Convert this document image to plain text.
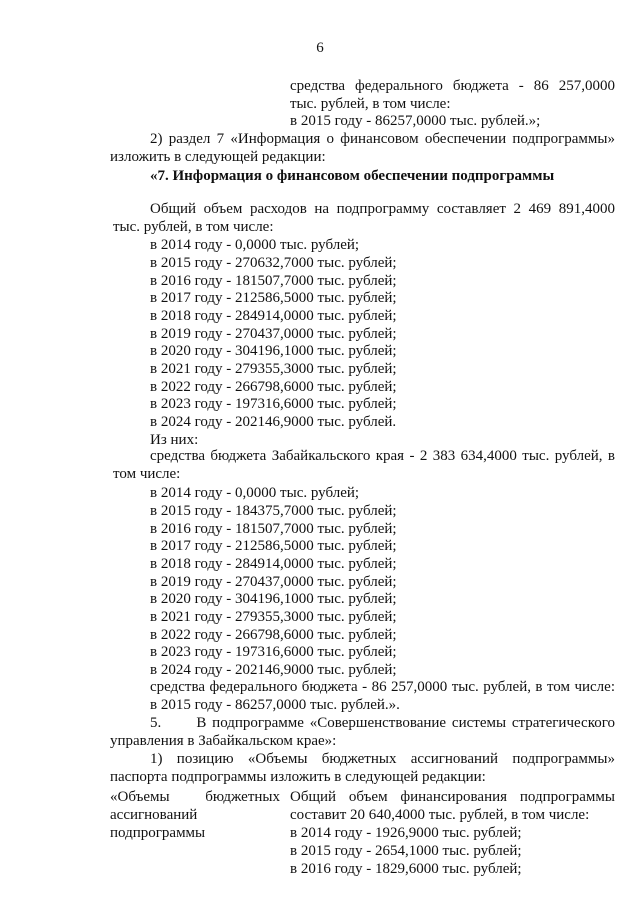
6
средства федерального бюджета - 86 257,0000
тыс. рублей, в том числе:
в 2015 году - 86257,0000 тыс. рублей.»;
2) раздел 7 «Информация о финансовом обеспечении подпрограммы»
изложить в следующей редакции:
«7. Информация о финансовом обеспечении подпрограммы
Общий объем расходов на подпрограмму составляет 2 469 891,4000
тыс. рублей, в том числе:
в 2014 году - 0,0000 тыс. рублей;
в 2015 году - 270632,7000 тыс. рублей;
в 2016 году - 181507,7000 тыс. рублей;
в 2017 году - 212586,5000 тыс. рублей;
в 2018 году - 284914,0000 тыс. рублей;
в 2019 году - 270437,0000 тыс. рублей;
в 2020 году - 304196,1000 тыс. рублей;
в 2021 году - 279355,3000 тыс. рублей;
в 2022 году - 266798,6000 тыс. рублей;
в 2023 году - 197316,6000 тыс. рублей;
в 2024 году - 202146,9000 тыс. рублей.
Из них:
средства бюджета Забайкальского края - 2 383 634,4000 тыс. рублей, в
том числе:
в 2014 году - 0,0000 тыс. рублей;
в 2015 году - 184375,7000 тыс. рублей;
в 2016 году - 181507,7000 тыс. рублей;
в 2017 году - 212586,5000 тыс. рублей;
в 2018 году - 284914,0000 тыс. рублей;
в 2019 году - 270437,0000 тыс. рублей;
в 2020 году - 304196,1000 тыс. рублей;
в 2021 году - 279355,3000 тыс. рублей;
в 2022 году - 266798,6000 тыс. рублей;
в 2023 году - 197316,6000 тыс. рублей;
в 2024 году - 202146,9000 тыс. рублей;
средства федерального бюджета - 86 257,0000 тыс. рублей, в том числе:
в 2015 году - 86257,0000 тыс. рублей.».
5.      В подпрограмме «Совершенствование системы стратегического
управления в Забайкальском крае»:
1) позицию «Объемы бюджетных ассигнований подпрограммы»
паспорта подпрограммы изложить в следующей редакции:
«Объемы бюджетных
ассигнований
подпрограммы
Общий объем финансирования подпрограммы
составит 20 640,4000 тыс. рублей, в том числе:
в 2014 году - 1926,9000 тыс. рублей;
в 2015 году - 2654,1000 тыс. рублей;
в 2016 году - 1829,6000 тыс. рублей;
